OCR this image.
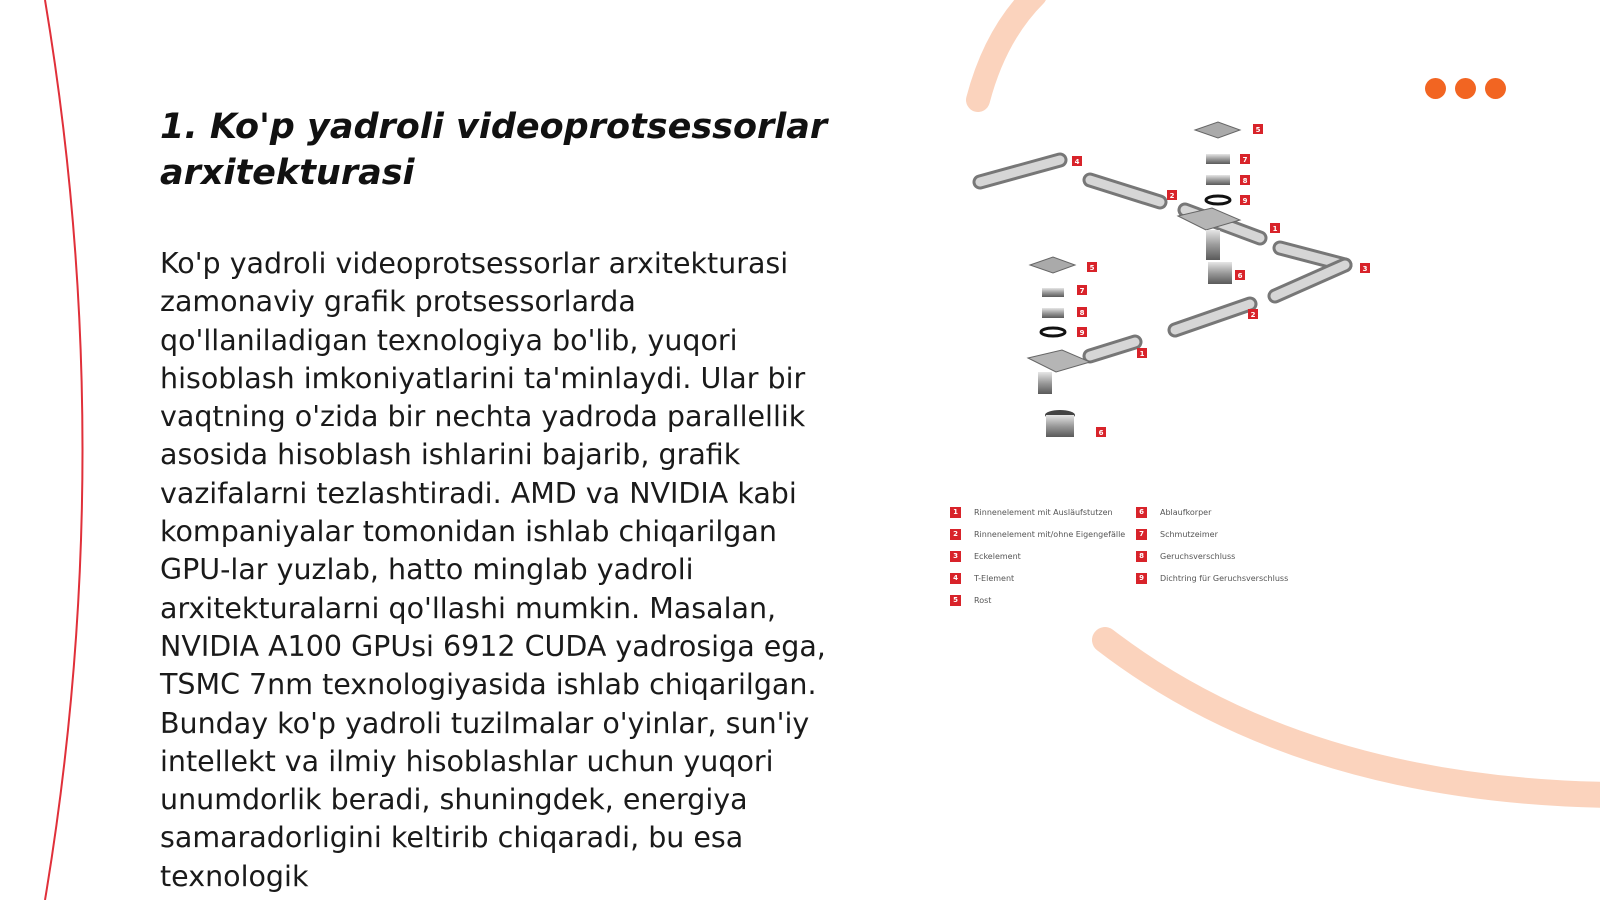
1. Ko'p yadroli videoprotsessorlar
arxitekturasi

Ko'p yadroli videoprotsessorlar arxitekturasi zamonaviy grafik protsessorlarda qo'llaniladigan texnologiya bo'lib, yuqori hisoblash imkoniyatlarini ta'minlaydi. Ular bir vaqtning o'zida bir nechta yadroda parallellik asosida hisoblash ishlarini bajarib, grafik vazifalarni tezlashtiradi. AMD va NVIDIA kabi kompaniyalar tomonidan ishlab chiqarilgan GPU-lar yuzlab, hatto minglab yadroli arxitekturalarni qo'llashi mumkin. Masalan, NVIDIA A100 GPUsi 6912 CUDA yadrosiga ega, TSMC 7nm texnologiyasida ishlab chiqarilgan. Bunday ko'p yadroli tuzilmalar o'yinlar, sun'iy intellekt va ilmiy hisoblashlar uchun yuqori unumdorlik beradi, shuningdek, energiya samaradorligini keltirib chiqaradi, bu esa texnologik

5
7
8
9
4
2
1
6
3
5
7
8
9
2
1
6
1	Rinnenelement mit Ausläufstutzen	6	Ablaufkorper
2	Rinnenelement mit/ohne Eigengefälle	7	Schmutzeimer
3	Eckelement	8	Geruchsverschluss
4	T-Element	9	Dichtring für Geruchsverschluss
5	Rost
